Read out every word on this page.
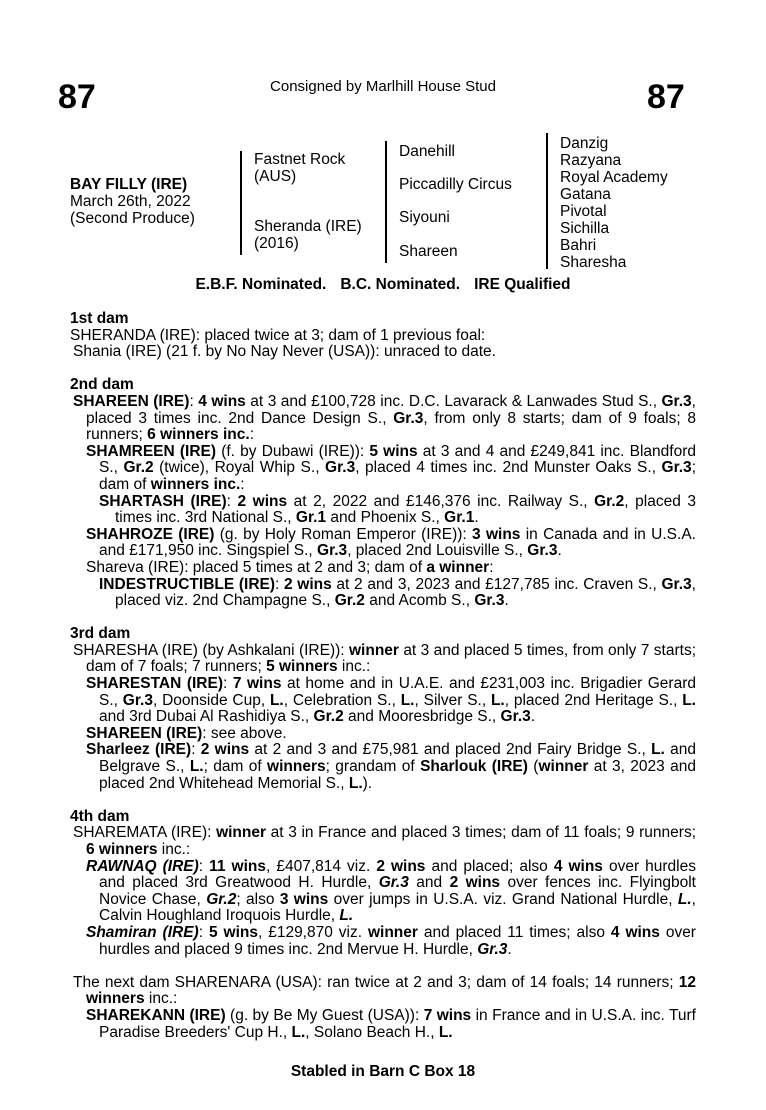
87	Consigned by Marlhill House Stud	87
BAY FILLY (IRE)
March 26th, 2022
(Second Produce)
Fastnet Rock
(AUS)
Sheranda (IRE)
(2016)
Danehill
Piccadilly Circus
Siyouni
Shareen
Danzig
Razyana
Royal Academy
Gatana
Pivotal
Sichilla
Bahri
Sharesha
E.B.F. Nominated. B.C. Nominated. IRE Qualified
1st dam
SHERANDA (IRE): placed twice at 3; dam of 1 previous foal:
Shania (IRE) (21 f. by No Nay Never (USA)): unraced to date.
2nd dam
SHAREEN (IRE): 4 wins at 3 and £100,728 inc. D.C. Lavarack & Lanwades Stud S., Gr.3, placed 3 times inc. 2nd Dance Design S., Gr.3, from only 8 starts; dam of 9 foals; 8 runners; 6 winners inc.:
SHAMREEN (IRE) (f. by Dubawi (IRE)): 5 wins at 3 and 4 and £249,841 inc. Blandford S., Gr.2 (twice), Royal Whip S., Gr.3, placed 4 times inc. 2nd Munster Oaks S., Gr.3; dam of winners inc.:
SHARTASH (IRE): 2 wins at 2, 2022 and £146,376 inc. Railway S., Gr.2, placed 3 times inc. 3rd National S., Gr.1 and Phoenix S., Gr.1.
SHAHROZE (IRE) (g. by Holy Roman Emperor (IRE)): 3 wins in Canada and in U.S.A. and £171,950 inc. Singspiel S., Gr.3, placed 2nd Louisville S., Gr.3.
Shareva (IRE): placed 5 times at 2 and 3; dam of a winner:
INDESTRUCTIBLE (IRE): 2 wins at 2 and 3, 2023 and £127,785 inc. Craven S., Gr.3, placed viz. 2nd Champagne S., Gr.2 and Acomb S., Gr.3.
3rd dam
SHARESHA (IRE) (by Ashkalani (IRE)): winner at 3 and placed 5 times, from only 7 starts; dam of 7 foals; 7 runners; 5 winners inc.:
SHARESTAN (IRE): 7 wins at home and in U.A.E. and £231,003 inc. Brigadier Gerard S., Gr.3, Doonside Cup, L., Celebration S., L., Silver S., L., placed 2nd Heritage S., L. and 3rd Dubai Al Rashidiya S., Gr.2 and Mooresbridge S., Gr.3.
SHAREEN (IRE): see above.
Sharleez (IRE): 2 wins at 2 and 3 and £75,981 and placed 2nd Fairy Bridge S., L. and Belgrave S., L.; dam of winners; grandam of Sharlouk (IRE) (winner at 3, 2023 and placed 2nd Whitehead Memorial S., L.).
4th dam
SHAREMATA (IRE): winner at 3 in France and placed 3 times; dam of 11 foals; 9 runners; 6 winners inc.:
RAWNAQ (IRE): 11 wins, £407,814 viz. 2 wins and placed; also 4 wins over hurdles and placed 3rd Greatwood H. Hurdle, Gr.3 and 2 wins over fences inc. Flyingbolt Novice Chase, Gr.2; also 3 wins over jumps in U.S.A. viz. Grand National Hurdle, L., Calvin Houghland Iroquois Hurdle, L.
Shamiran (IRE): 5 wins, £129,870 viz. winner and placed 11 times; also 4 wins over hurdles and placed 9 times inc. 2nd Mervue H. Hurdle, Gr.3.
The next dam SHARENARA (USA): ran twice at 2 and 3; dam of 14 foals; 14 runners; 12 winners inc.:
SHAREKANN (IRE) (g. by Be My Guest (USA)): 7 wins in France and in U.S.A. inc. Turf Paradise Breeders' Cup H., L., Solano Beach H., L.
Stabled in Barn C Box 18
